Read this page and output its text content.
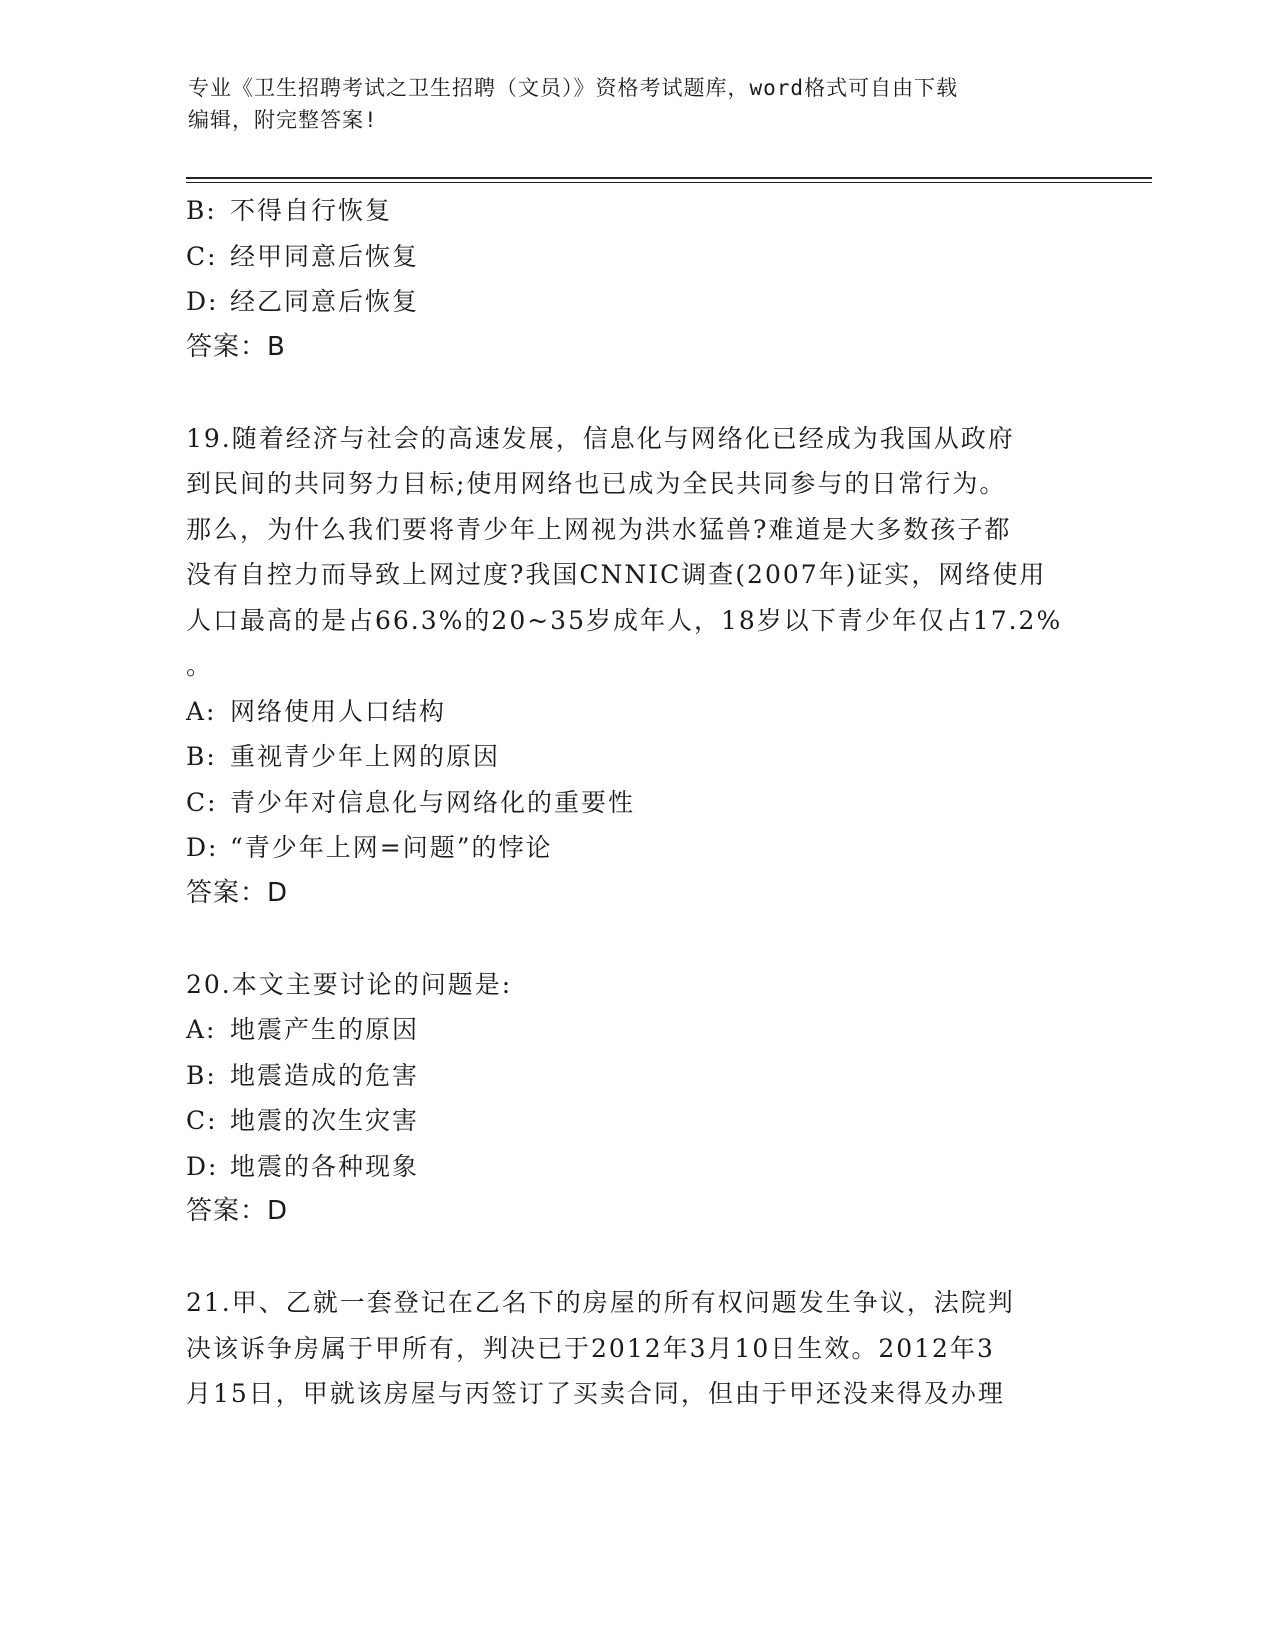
专业《卫生招聘考试之卫生招聘（文员）》资格考试题库，word格式可自由下载
编辑，附完整答案!
B: 不得自行恢复
C: 经甲同意后恢复
D: 经乙同意后恢复
答案：B
19.随着经济与社会的高速发展，信息化与网络化已经成为我国从政府
到民间的共同努力目标;使用网络也已成为全民共同参与的日常行为。
那么，为什么我们要将青少年上网视为洪水猛兽?难道是大多数孩子都
没有自控力而导致上网过度?我国CNNIC调查(2007年)证实，网络使用
人口最高的是占66.3%的20~35岁成年人，18岁以下青少年仅占17.2%
。
A: 网络使用人口结构
B: 重视青少年上网的原因
C: 青少年对信息化与网络化的重要性
D: “青少年上网=问题”的悖论
答案：D
20.本文主要讨论的问题是:
A: 地震产生的原因
B: 地震造成的危害
C: 地震的次生灾害
D: 地震的各种现象
答案：D
21.甲、乙就一套登记在乙名下的房屋的所有权问题发生争议，法院判
决该诉争房属于甲所有，判决已于2012年3月10日生效。2012年3
月15日，甲就该房屋与丙签订了买卖合同，但由于甲还没来得及办理
